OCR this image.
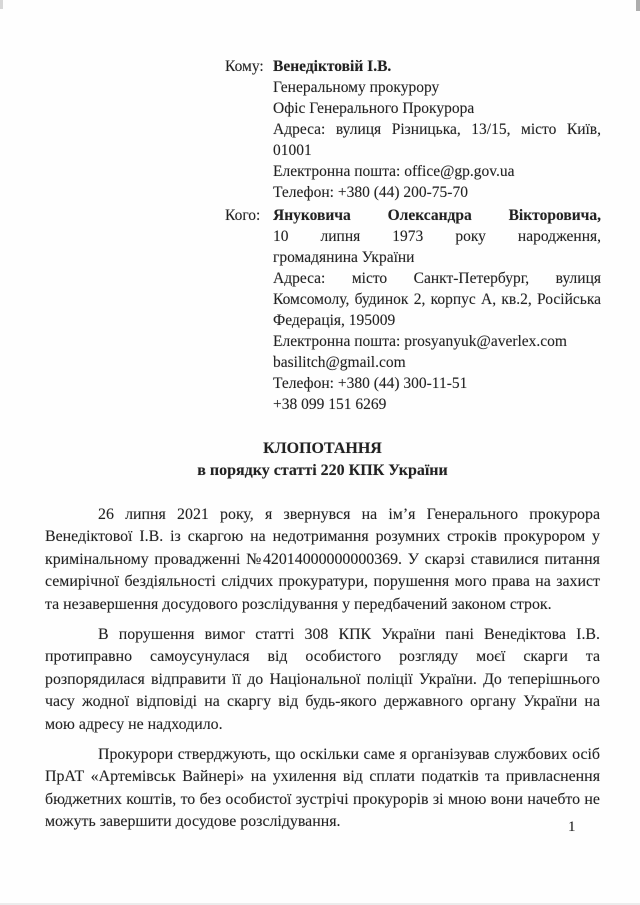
Кому: Венедіктовій І.В.

Генеральному прокурору

Офіс Генерального Прокурора

Адреса: вулиця Різницька, 13/15, місто Київ, 01001

Електронна пошта: office@gp.gov.ua

Телефон: +380 (44) 200-75-70

Кого: Януковича Олександра Вікторовича,

10 липня 1973 року народження,

громадянина України

Адреса: місто Санкт-Петербург, вулиця Комсомолу, будинок 2, корпус А, кв.2, Російська Федерація, 195009

Електронна пошта: prosyanyuk@averlex.com

basilitch@gmail.com

Телефон: +380 (44) 300-11-51

+38 099 151 6269

КЛОПОТАННЯ

в порядку статті 220 КПК України

26 липня 2021 року, я звернувся на ім’я Генерального прокурора Венедіктової І.В. із скаргою на недотримання розумних строків прокурором у кримінальному провадженні №42014000000000369. У скарзі ставилися питання семирічної бездіяльності слідчих прокуратури, порушення мого права на захист та незавершення досудового розслідування у передбачений законом строк.

В порушення вимог статті 308 КПК України пані Венедіктова І.В. протиправно самоусунулася від особистого розгляду моєї скарги та розпорядилася відправити її до Національної поліції України. До теперішнього часу жодної відповіді на скаргу від будь-якого державного органу України на мою адресу не надходило.

Прокурори стверджують, що оскільки саме я організував службових осіб ПрАТ «Артемівськ Вайнері» на ухилення від сплати податків та привласнення бюджетних коштів, то без особистої зустрічі прокурорів зі мною вони начебто не можуть завершити досудове розслідування.	1
